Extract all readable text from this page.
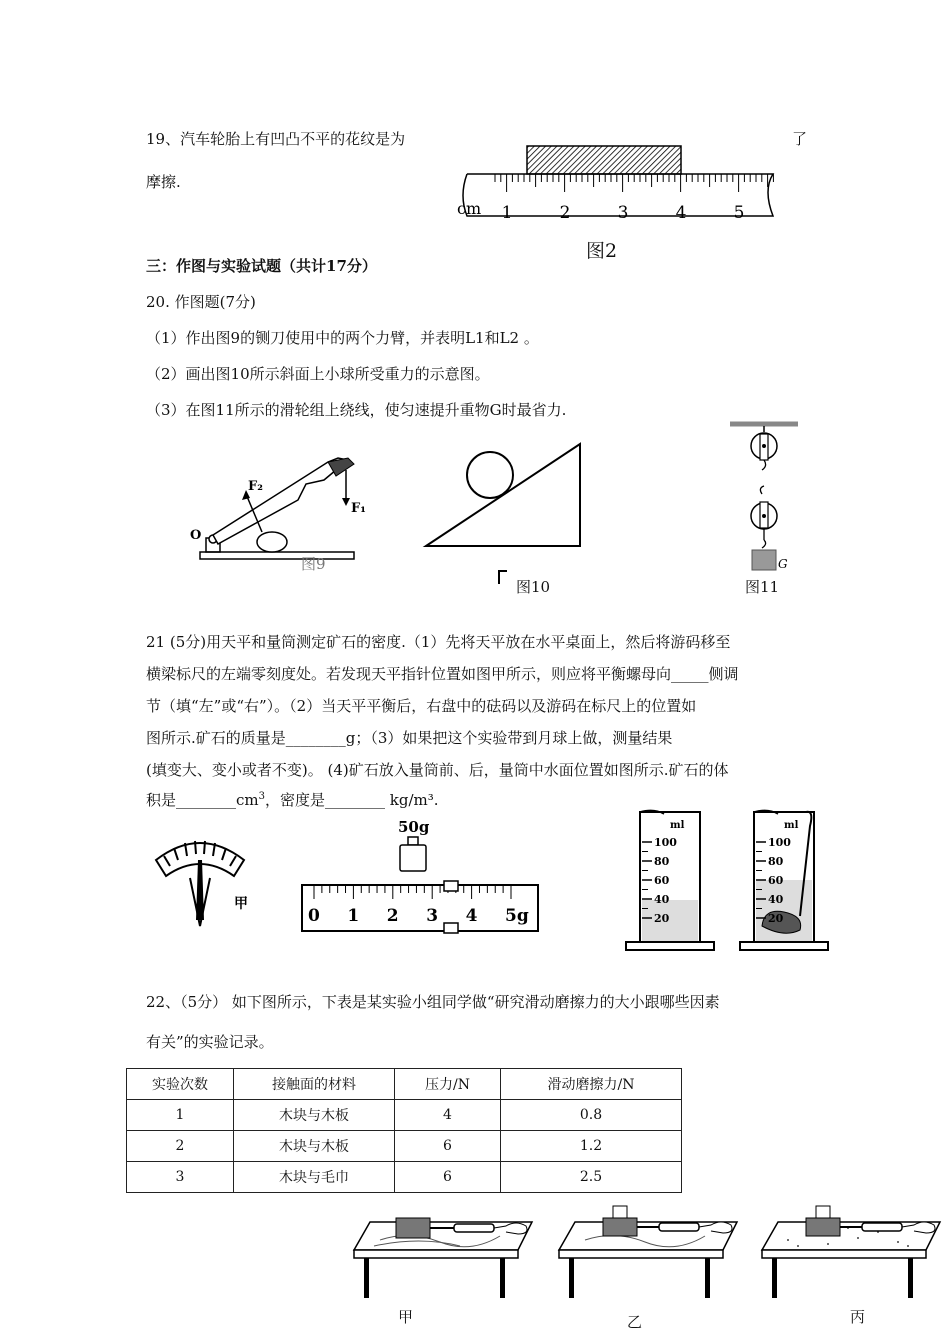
19、汽车轮胎上有凹凸不平的花纹是为	了
摩擦.
cm 1	2	3	4	5
图2
三：作图与实验试题（共计17分）
20. 作图题(7分)
（1）作出图9的铡刀使用中的两个力臂，并表明L1和L2 。
（2）画出图10所示斜面上小球所受重力的示意图。
（3）在图11所示的滑轮组上绕线，使匀速提升重物G时最省力.
O
F₂
F₁
图9
图10
G
图11
21 (5分)用天平和量筒测定矿石的密度.（1）先将天平放在水平桌面上，然后将游码移至
横梁标尺的左端零刻度处。若发现天平指针位置如图甲所示，则应将平衡螺母向_____侧调
节（填“左”或“右”）。（2）当天平平衡后，右盘中的砝码以及游码在标尺上的位置如
图所示.矿石的质量是________g；（3）如果把这个实验带到月球上做，测量结果
(填变大、变小或者不变)。 (4)矿石放入量筒前、后，量筒中水面位置如图所示.矿石的体
积是$\_\_\_\_\_\_\_\_cm^3$，密度是________ kg/m³.
甲
50g
0 1 2 3 4 5g
ml
100
80
60
40
20
ml
100
80
60
40
20
22、（5分） 如下图所示，下表是某实验小组同学做“研究滑动磨擦力的大小跟哪些因素
有关”的实验记录。
实验次数	接触面的材料	压力/N	滑动磨擦力/N
1	木块与木板	4	0.8
2	木块与木板	6	1.2
3	木块与毛巾	6	2.5
甲	乙	丙
